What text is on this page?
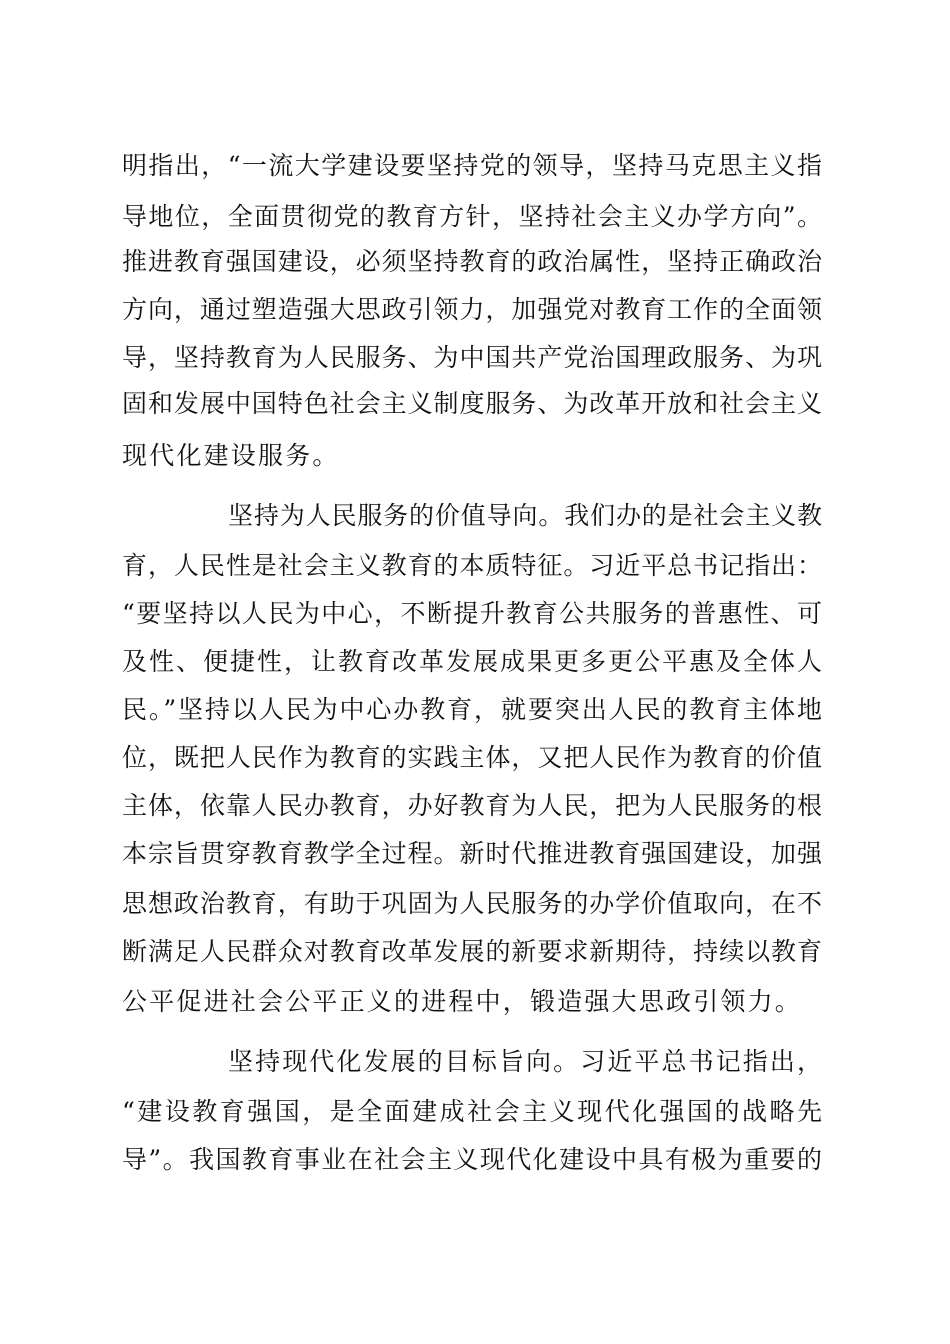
明指出，“一流大学建设要坚持党的领导，坚持马克思主义指
导地位，全面贯彻党的教育方针，坚持社会主义办学方向”。
推进教育强国建设，必须坚持教育的政治属性，坚持正确政治
方向，通过塑造强大思政引领力，加强党对教育工作的全面领
导，坚持教育为人民服务、为中国共产党治国理政服务、为巩
固和发展中国特色社会主义制度服务、为改革开放和社会主义
现代化建设服务。
坚持为人民服务的价值导向。我们办的是社会主义教
育，人民性是社会主义教育的本质特征。习近平总书记指出：
“要坚持以人民为中心，不断提升教育公共服务的普惠性、可
及性、便捷性，让教育改革发展成果更多更公平惠及全体人
民。”坚持以人民为中心办教育，就要突出人民的教育主体地
位，既把人民作为教育的实践主体，又把人民作为教育的价值
主体，依靠人民办教育，办好教育为人民，把为人民服务的根
本宗旨贯穿教育教学全过程。新时代推进教育强国建设，加强
思想政治教育，有助于巩固为人民服务的办学价值取向，在不
断满足人民群众对教育改革发展的新要求新期待，持续以教育
公平促进社会公平正义的进程中，锻造强大思政引领力。
坚持现代化发展的目标旨向。习近平总书记指出，
“建设教育强国，是全面建成社会主义现代化强国的战略先
导”。我国教育事业在社会主义现代化建设中具有极为重要的
